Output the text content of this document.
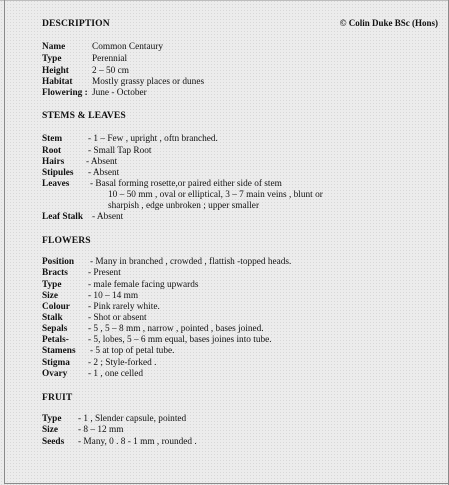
DESCRIPTION	© Colin Duke BSc (Hons)
Name	Common Centaury
Type	Perennial
Height 2 – 50 cm
Habitat Mostly grassy places or dunes
Flowering : June - October
STEMS & LEAVES
Stem	- 1 – Few , upright , oftn branched.
Root	- Small Tap Root
Hairs - Absent
Stipules - Absent
Leaves - Basal forming rosette,or paired either side of stem
10 – 50 mm , oval or elliptical, 3 – 7 main veins , blunt or
sharpish , edge unbroken ; upper smaller
Leaf Stalk - Absent
FLOWERS
Position - Many in branched , crowded , flattish -topped heads.
Bracts - Present
Type	- male female facing upwards
Size	- 10 – 14 mm
Colour - Pink rarely white.
Stalk	- Shot or absent
Sepals - 5 , 5 – 8 mm , narrow , pointed , bases joined.
Petals- - 5, lobes, 5 – 6 mm equal, bases joines into tube.
Stamens - 5 at top of petal tube.
Stigma - 2 ; Style-forked .
Ovary - 1 , one celled
FRUIT
Type - 1 , Slender capsule, pointed
Size - 8 – 12 mm
Seeds - Many, 0 . 8 - 1 mm , rounded .
